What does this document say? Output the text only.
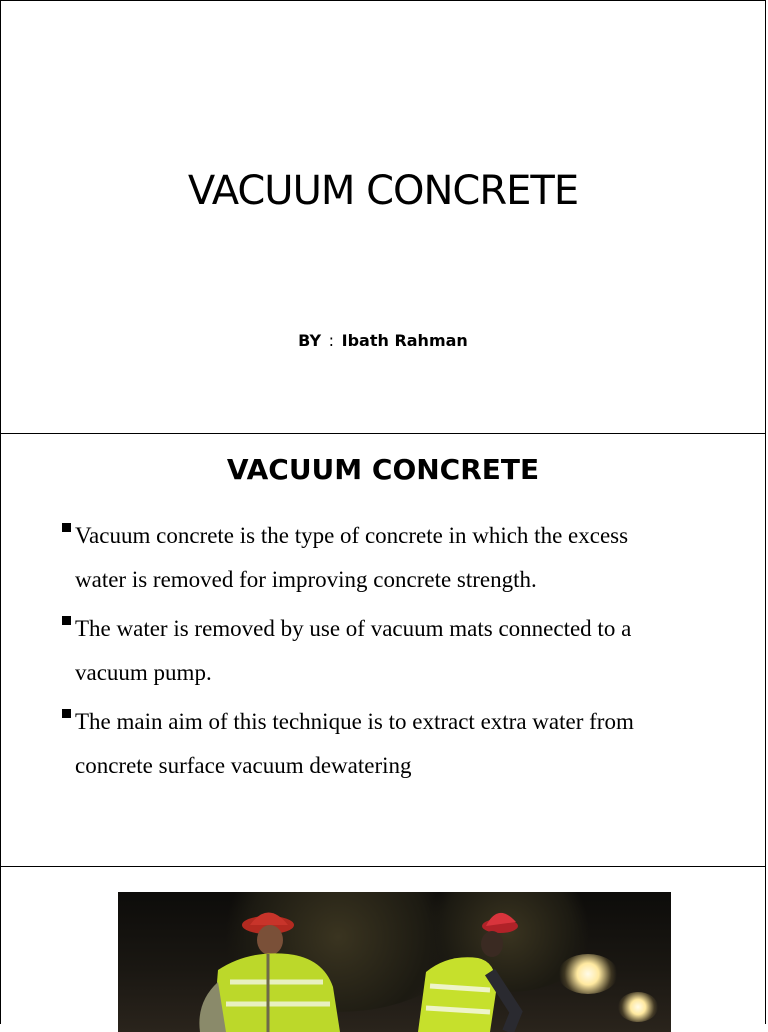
VACUUM CONCRETE
BY : Ibath Rahman
VACUUM CONCRETE
Vacuum concrete is the type of concrete in which the excess
water is removed for improving concrete strength.
The water is removed by use of vacuum mats connected to a
vacuum pump.
The main aim of this technique is to extract extra water from
concrete surface vacuum dewatering
